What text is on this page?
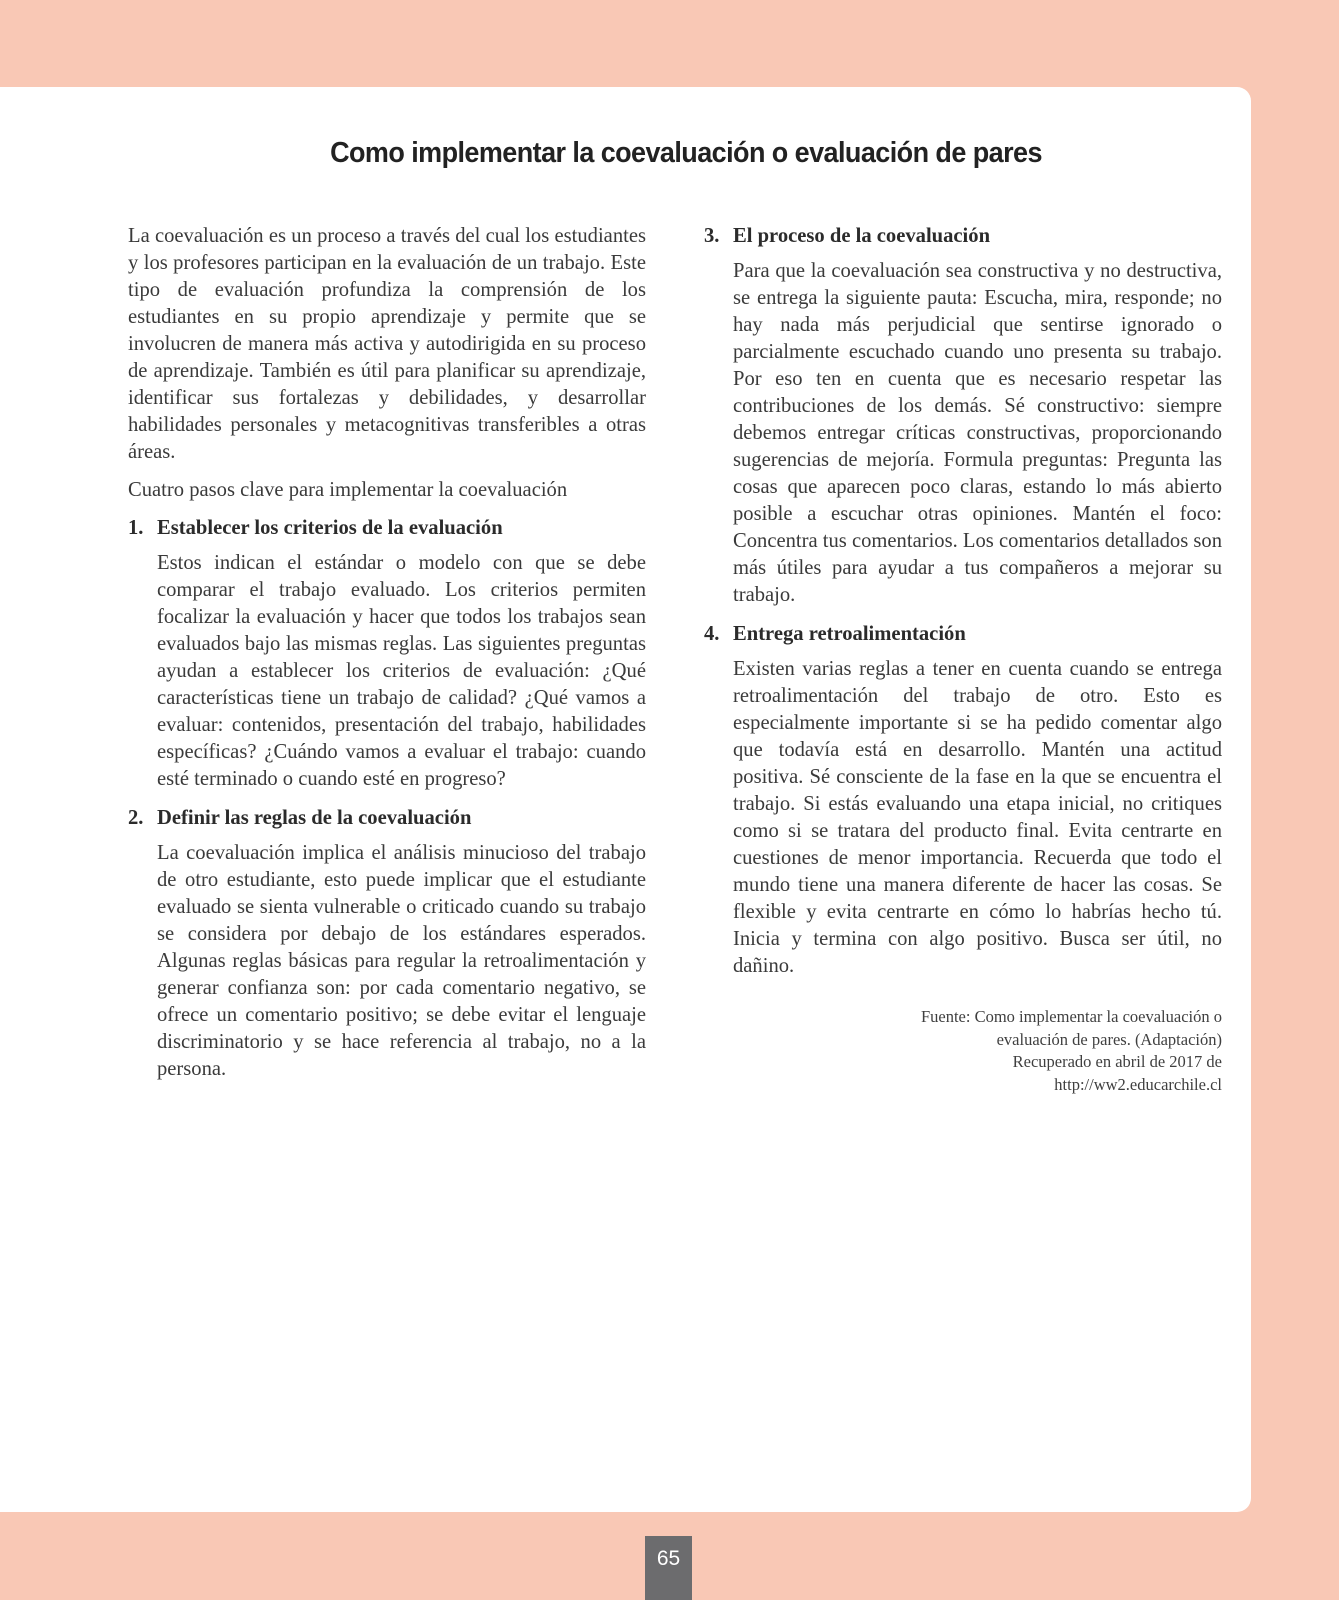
Como implementar la coevaluación o evaluación de pares

La coevaluación es un proceso a través del cual los estudiantes y los profesores participan en la evaluación de un trabajo. Este tipo de evaluación profundiza la comprensión de los estudiantes en su propio aprendizaje y permite que se involucren de manera más activa y autodirigida en su proceso de aprendizaje. También es útil para planificar su aprendizaje, identificar sus fortalezas y debilidades, y desarrollar habilidades personales y metacognitivas transferibles a otras áreas.

Cuatro pasos clave para implementar la coevaluación

1. Establecer los criterios de la evaluación

Estos indican el estándar o modelo con que se debe comparar el trabajo evaluado. Los criterios permiten focalizar la evaluación y hacer que todos los trabajos sean evaluados bajo las mismas reglas. Las siguientes preguntas ayudan a establecer los criterios de evaluación: ¿Qué características tiene un trabajo de calidad? ¿Qué vamos a evaluar: contenidos, presentación del trabajo, habilidades específicas? ¿Cuándo vamos a evaluar el trabajo: cuando esté terminado o cuando esté en progreso?

2. Definir las reglas de la coevaluación

La coevaluación implica el análisis minucioso del trabajo de otro estudiante, esto puede implicar que el estudiante evaluado se sienta vulnerable o criticado cuando su trabajo se considera por debajo de los estándares esperados. Algunas reglas básicas para regular la retroalimentación y generar confianza son: por cada comentario negativo, se ofrece un comentario positivo; se debe evitar el lenguaje discriminatorio y se hace referencia al trabajo, no a la persona.

3. El proceso de la coevaluación

Para que la coevaluación sea constructiva y no destructiva, se entrega la siguiente pauta: Escucha, mira, responde; no hay nada más perjudicial que sentirse ignorado o parcialmente escuchado cuando uno presenta su trabajo. Por eso ten en cuenta que es necesario respetar las contribuciones de los demás. Sé constructivo: siempre debemos entregar críticas constructivas, proporcionando sugerencias de mejoría. Formula preguntas: Pregunta las cosas que aparecen poco claras, estando lo más abierto posible a escuchar otras opiniones. Mantén el foco: Concentra tus comentarios. Los comentarios detallados son más útiles para ayudar a tus compañeros a mejorar su trabajo.

4. Entrega retroalimentación

Existen varias reglas a tener en cuenta cuando se entrega retroalimentación del trabajo de otro. Esto es especialmente importante si se ha pedido comentar algo que todavía está en desarrollo. Mantén una actitud positiva. Sé consciente de la fase en la que se encuentra el trabajo. Si estás evaluando una etapa inicial, no critiques como si se tratara del producto final. Evita centrarte en cuestiones de menor importancia. Recuerda que todo el mundo tiene una manera diferente de hacer las cosas. Se flexible y evita centrarte en cómo lo habrías hecho tú. Inicia y termina con algo positivo. Busca ser útil, no dañino.

Fuente: Como implementar la coevaluación o
evaluación de pares. (Adaptación)
Recuperado en abril de 2017 de
http://ww2.educarchile.cl
65
